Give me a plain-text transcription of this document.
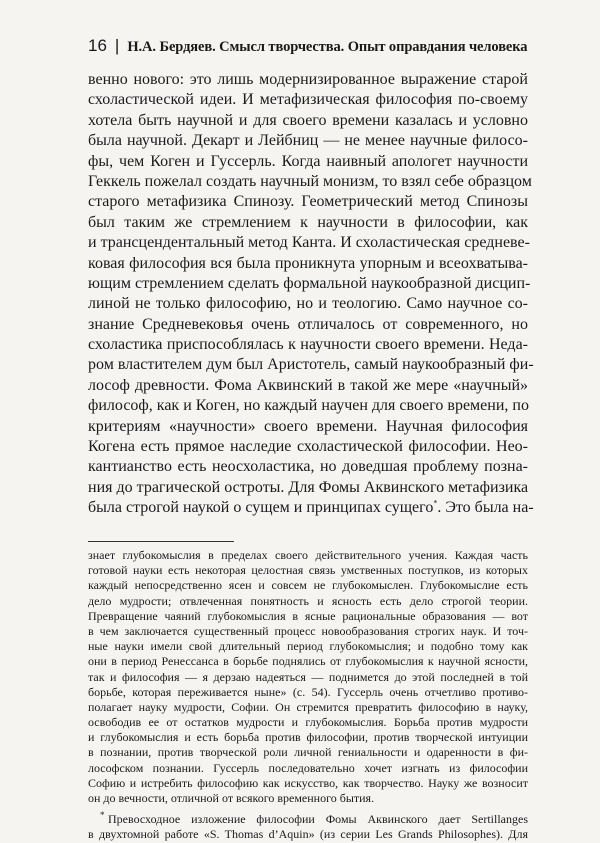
16 | Н.А. Бердяев. Смысл творчества. Опыт оправдания человека
венно нового: это лишь модернизированное выражение старой
схоластической идеи. И метафизическая философия по-своему
хотела быть научной и для своего времени казалась и условно
была научной. Декарт и Лейбниц — не менее научные филосо-
фы, чем Коген и Гуссерль. Когда наивный апологет научности
Геккель пожелал создать научный монизм, то взял себе образцом
старого метафизика Спинозу. Геометрический метод Спинозы
был таким же стремлением к научности в философии, как
и трансцендентальный метод Канта. И схоластическая средневе-
ковая философия вся была проникнута упорным и всеохватыва-
ющим стремлением сделать формальной наукообразной дисцип-
линой не только философию, но и теологию. Само научное со-
знание Средневековья очень отличалось от современного, но
схоластика приспособлялась к научности своего времени. Неда-
ром властителем дум был Аристотель, самый наукообразный фи-
лософ древности. Фома Аквинский в такой же мере «научный»
философ, как и Коген, но каждый научен для своего времени, по
критериям «научности» своего времени. Научная философия
Когена есть прямое наследие схоластической философии. Нео-
кантианство есть неосхоластика, но доведшая проблему позна-
ния до трагической остроты. Для Фомы Аквинского метафизика
была строгой наукой о сущем и принципах сущего*. Это была на-
знает глубокомыслия в пределах своего действительного учения. Каждая часть
готовой науки есть некоторая целостная связь умственных поступков, из которых
каждый непосредственно ясен и совсем не глубокомыслен. Глубокомыслие есть
дело мудрости; отвлеченная понятность и ясность есть дело строгой теории.
Превращение чаяний глубокомыслия в ясные рациональные образования — вот
в чем заключается существенный процесс новообразования строгих наук. И точ-
ные науки имели свой длительный период глубокомыслия; и подобно тому как
они в период Ренессанса в борьбе поднялись от глубокомыслия к научной ясности,
так и философия — я дерзаю надеяться — поднимется до этой последней в той
борьбе, которая переживается ныне» (с. 54). Гуссерль очень отчетливо противо-
полагает науку мудрости, Софии. Он стремится превратить философию в науку,
освободив ее от остатков мудрости и глубокомыслия. Борьба против мудрости
и глубокомыслия и есть борьба против философии, против творческой интуиции
в познании, против творческой роли личной гениальности и одаренности в фи-
лософском познании. Гуссерль последовательно хочет изгнать из философии
Софию и истребить философию как искусство, как творчество. Науку же возносит
он до вечности, отличной от всякого временного бытия.
* Превосходное изложение философии Фомы Аквинского дает Sertillanges
в двухтомной работе «S. Thomas d’Aquin» (из серии Les Grands Philosophes). Для
